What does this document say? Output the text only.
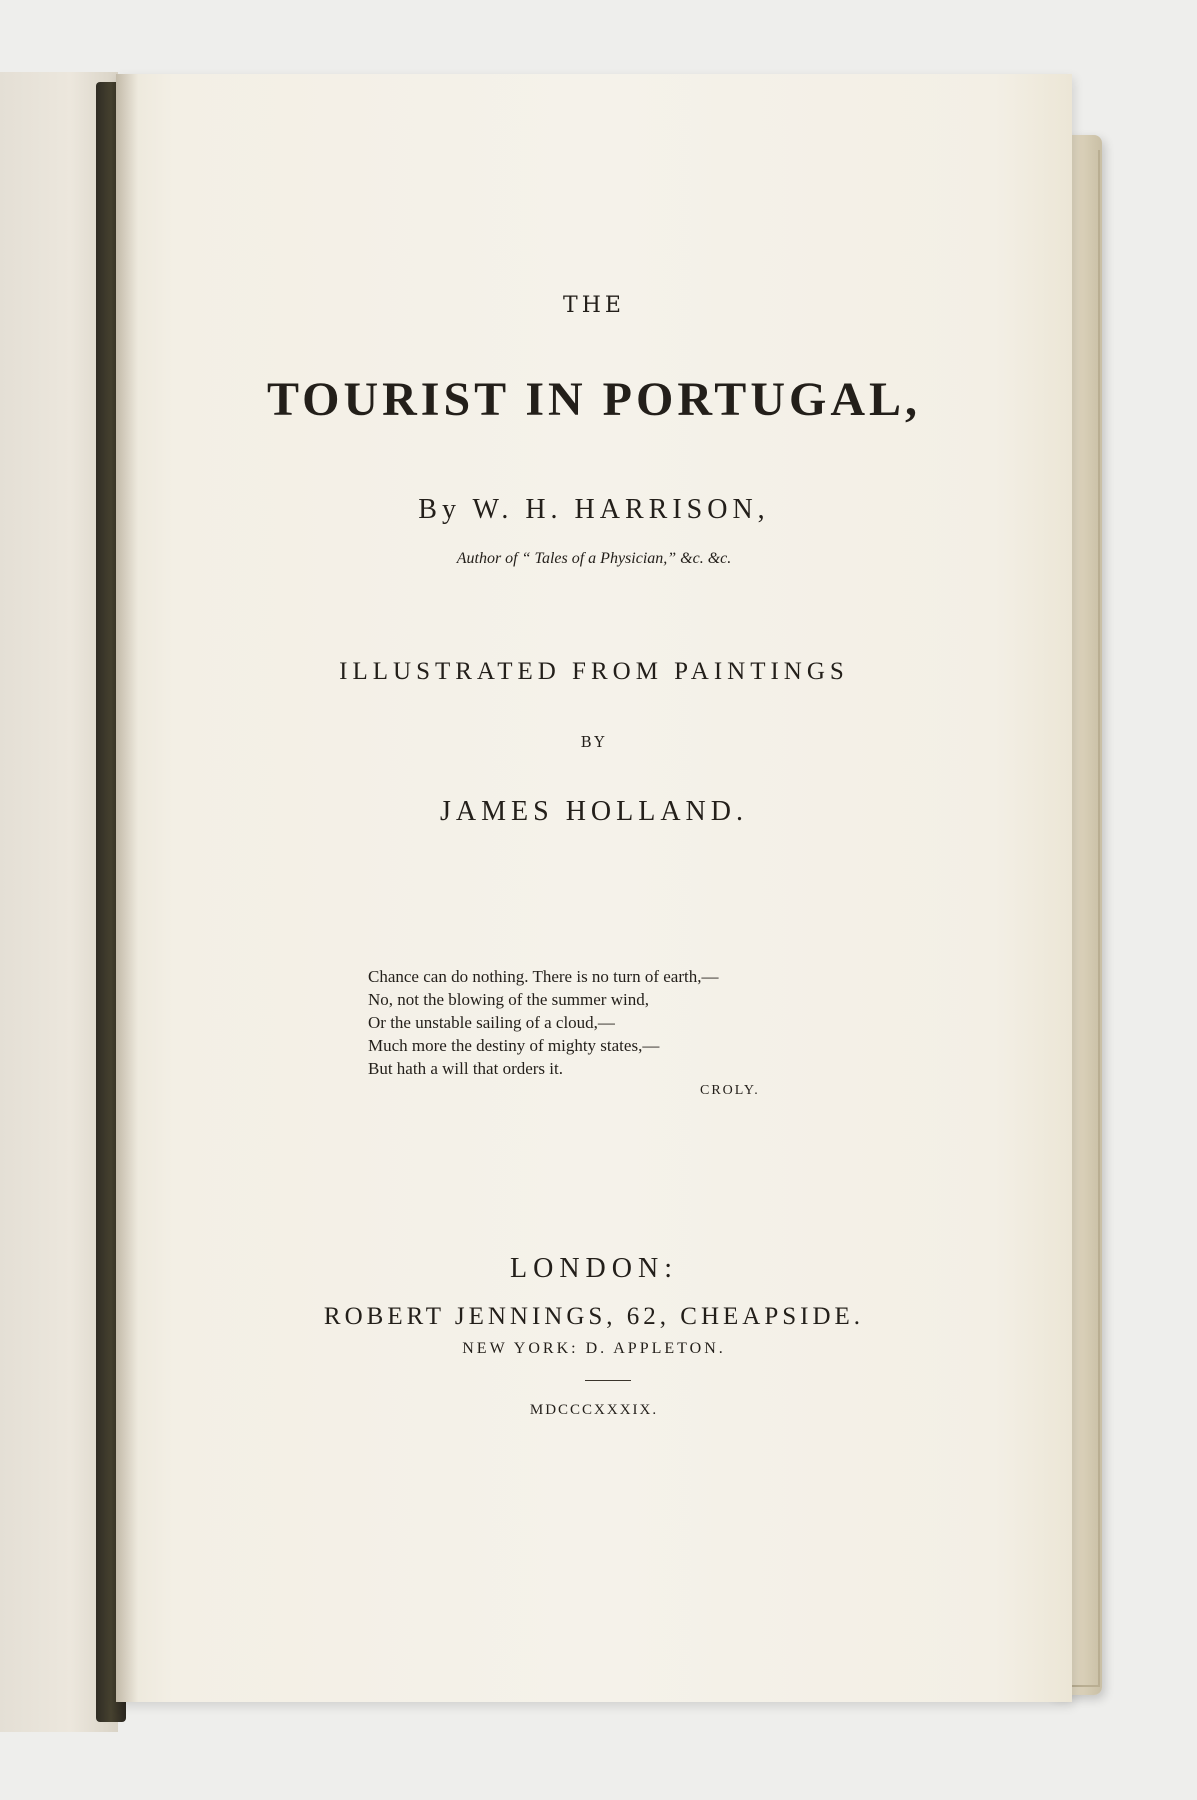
THE
TOURIST IN PORTUGAL,
By W. H. HARRISON,
Author of “ Tales of a Physician,” &c. &c.
ILLUSTRATED FROM PAINTINGS
BY
JAMES HOLLAND.
Chance can do nothing. There is no turn of earth,—
No, not the blowing of the summer wind,
Or the unstable sailing of a cloud,—
Much more the destiny of mighty states,—
But hath a will that orders it.
CROLY.
LONDON:
ROBERT JENNINGS, 62, CHEAPSIDE.
NEW YORK: D. APPLETON.
MDCCCXXXIX.
